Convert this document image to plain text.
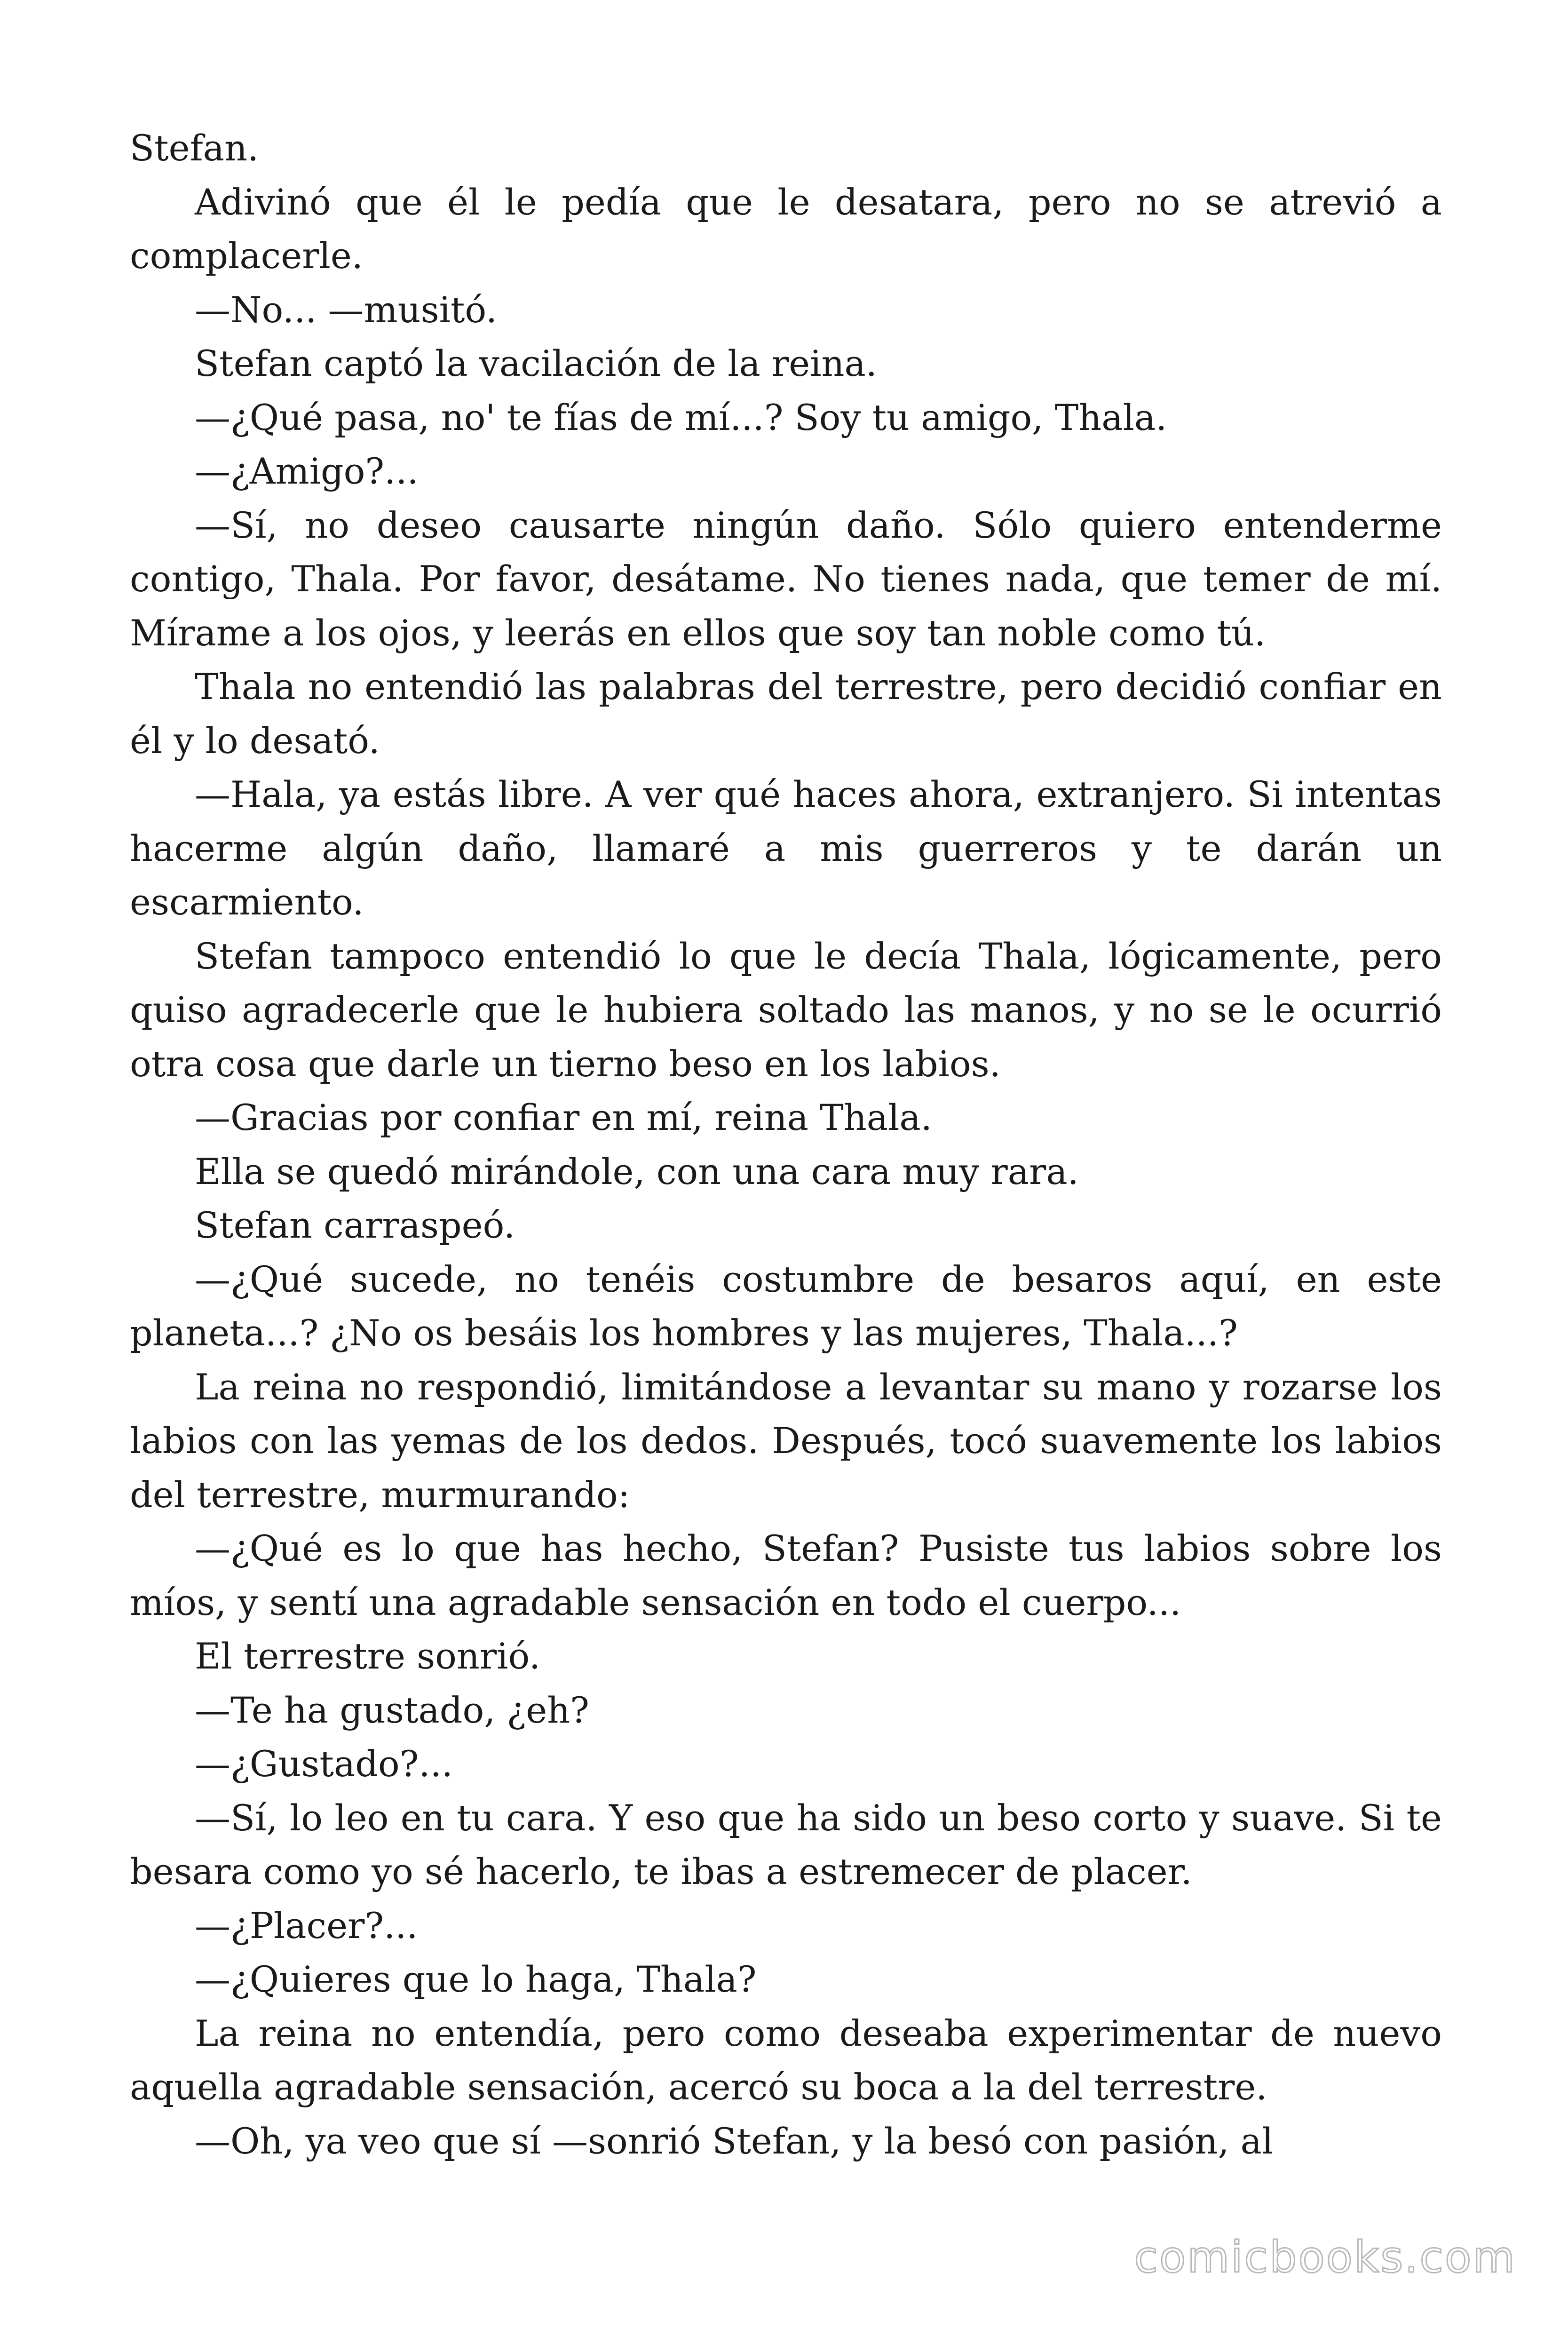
Stefan.

Adivinó que él le pedía que le desatara, pero no se atrevió a complacerle.

—No... —musitó.

Stefan captó la vacilación de la reina.

—¿Qué pasa, no' te fías de mí...? Soy tu amigo, Thala.

—¿Amigo?...

—Sí, no deseo causarte ningún daño. Sólo quiero entenderme contigo, Thala. Por favor, desátame. No tienes nada, que temer de mí. Mírame a los ojos, y leerás en ellos que soy tan noble como tú.

Thala no entendió las palabras del terrestre, pero decidió confiar en él y lo desató.

—Hala, ya estás libre. A ver qué haces ahora, extranjero. Si intentas hacerme algún daño, llamaré a mis guerreros y te darán un escarmiento.

Stefan tampoco entendió lo que le decía Thala, lógicamente, pero quiso agradecerle que le hubiera soltado las manos, y no se le ocurrió otra cosa que darle un tierno beso en los labios.

—Gracias por confiar en mí, reina Thala.

Ella se quedó mirándole, con una cara muy rara.

Stefan carraspeó.

—¿Qué sucede, no tenéis costumbre de besaros aquí, en este planeta...? ¿No os besáis los hombres y las mujeres, Thala...?

La reina no respondió, limitándose a levantar su mano y rozarse los labios con las yemas de los dedos. Después, tocó suavemente los labios del terrestre, murmurando:

—¿Qué es lo que has hecho, Stefan? Pusiste tus labios sobre los míos, y sentí una agradable sensación en todo el cuerpo...

El terrestre sonrió.

—Te ha gustado, ¿eh?

—¿Gustado?...

—Sí, lo leo en tu cara. Y eso que ha sido un beso corto y suave. Si te besara como yo sé hacerlo, te ibas a estremecer de placer.

—¿Placer?...

—¿Quieres que lo haga, Thala?

La reina no entendía, pero como deseaba experimentar de nuevo aquella agradable sensación, acercó su boca a la del terrestre.

—Oh, ya veo que sí —sonrió Stefan, y la besó con pasión, al

comicbooks.com
